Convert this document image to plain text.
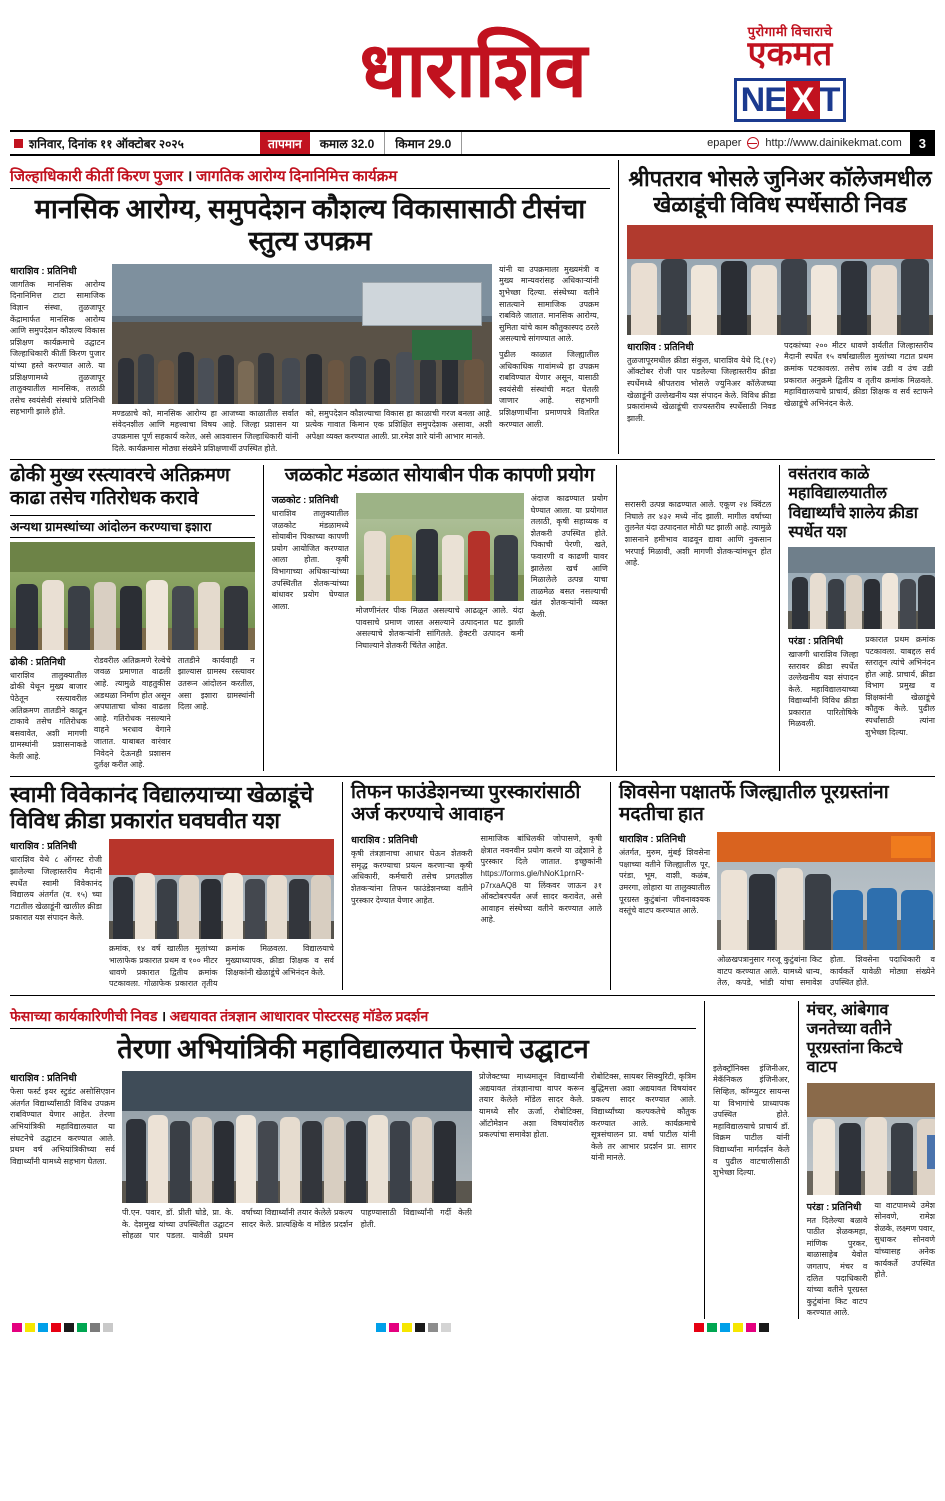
धाराशिव	पुरोगामी विचाराचे
एकमत
NE X T
शनिवार, दिनांक ११ ऑक्टोबर २०२५	तापमान	कमाल 32.0	किमान 29.0	epaper http://www.dainikekmat.com	3
जिल्हाधिकारी कीर्ती किरण पुजार । जागतिक आरोग्य दिनानिमित्त कार्यक्रम
मानसिक आरोग्य, समुपदेशन कौशल्य विकासासाठी टीसंचा स्तुत्य उपक्रम
धाराशिव : प्रतिनिधी
जागतिक मानसिक आरोग्य दिनानिमित्त टाटा सामाजिक विज्ञान संस्था, तुळजापूर केंद्रामार्फत मानसिक आरोग्य आणि समुपदेशन कौशल्य विकास प्रशिक्षण कार्यक्रमाचे उद्घाटन जिल्हाधिकारी कीर्ती किरण पुजार यांच्या हस्ते करण्यात आले. या प्रशिक्षणामध्ये तुळजापूर तालुक्यातील मानसिक, तलाठी तसेच स्वयंसेवी संस्थांचे प्रतिनिधी सहभागी झाले होते.	मण्डळाचे को, मानसिक आरोग्य हा आजच्या काळातील सर्वात संवेदनशील आणि महत्त्वाचा विषय आहे. जिल्हा प्रशासन या उपक्रमास पूर्ण सहकार्य करेल, असे आश्वासन जिल्हाधिकारी यांनी दिले. कार्यक्रमास मोठ्या संख्येने प्रशिक्षणार्थी उपस्थित होते.
को, समुपदेशन कौशल्याचा विकास हा काळाची गरज बनला आहे. प्रत्येक गावात किमान एक प्रशिक्षित समुपदेशक असावा, अशी अपेक्षा व्यक्त करण्यात आली. प्रा.रमेश शारे यांनी आभार मानले.
यांनी या उपक्रमाला मुख्यमंत्री व मुख्य मान्यवरांसह अधिकाऱ्यांनी शुभेच्छा दिल्या. संस्थेच्या वतीने सातत्याने सामाजिक उपक्रम राबविले जातात. मानसिक आरोग्य, सुमिता यांचे काम कौतुकास्पद ठरले असल्याचे सांगण्यात आले.
पुढील काळात जिल्ह्यातील अधिकाधिक गावांमध्ये हा उपक्रम राबविण्यात येणार असून, यासाठी स्वयंसेवी संस्थांची मदत घेतली जाणार आहे. सहभागी प्रशिक्षणार्थींना प्रमाणपत्रे वितरित करण्यात आली.
श्रीपतराव भोसले जुनिअर कॉलेजमधील खेळाडूंची विविध स्पर्धेसाठी निवड
धाराशिव : प्रतिनिधी
तुळजापूरमधील क्रीडा संकुल, धाराशिव येथे दि.(१२) ऑक्टोबर रोजी पार पडलेल्या जिल्हास्तरीय क्रीडा स्पर्धेमध्ये श्रीपतराव भोसले ज्युनिअर कॉलेजच्या खेळाडूंनी उल्लेखनीय यश संपादन केले. विविध क्रीडा प्रकारांमध्ये खेळाडूंची राज्यस्तरीय स्पर्धेसाठी निवड झाली.
पदकांच्या २०० मीटर धावणे शर्यतीत जिल्हास्तरीय मैदानी स्पर्धेत १५ वर्षाखालील मुलांच्या गटात प्रथम क्रमांक पटकावला. तसेच लांब उडी व उंच उडी प्रकारात अनुक्रमे द्वितीय व तृतीय क्रमांक मिळवले. महाविद्यालयाचे प्राचार्य, क्रीडा शिक्षक व सर्व स्टाफने खेळाडूंचे अभिनंदन केले.
ढोकी मुख्य रस्त्यावरचे अतिक्रमण काढा तसेच गतिरोधक करावे
अन्यथा ग्रामस्थांच्या आंदोलन करण्याचा इशारा
ढोकी : प्रतिनिधी
धाराशिव तालुक्यातील ढोकी येथून मुख्य बाजार पेठेतून रस्त्यावरील अतिक्रमण तातडीने काढून टाकावे तसेच गतिरोधक बसवावेत, अशी मागणी ग्रामस्थांनी प्रशासनाकडे केली आहे.
रोडवरील अतिक्रमणे रेल्वेचे जवळ प्रमाणात वाढली आहे. त्यामुळे वाहतुकीस अडथळा निर्माण होत असून अपघाताचा धोका वाढला आहे. गतिरोधक नसल्याने वाहने भरधाव वेगाने जातात. याबाबत वारंवार निवेदने देऊनही प्रशासन दुर्लक्ष करीत आहे.
तातडीने कार्यवाही न झाल्यास ग्रामस्थ रस्त्यावर उतरून आंदोलन करतील, असा इशारा ग्रामस्थांनी दिला आहे.
जळकोट मंडळात सोयाबीन पीक कापणी प्रयोग
जळकोट : प्रतिनिधी
धाराशिव तालुक्यातील जळकोट मंडळामध्ये सोयाबीन पिकाच्या कापणी प्रयोग आयोजित करण्यात आला होता. कृषी विभागाच्या अधिकाऱ्यांच्या उपस्थितीत शेतकऱ्यांच्या बांधावर प्रयोग घेण्यात आला.	मोजणीनंतर पीक मिळत असल्याचे आढळून आले. यंदा पावसाचे प्रमाण जास्त असल्याने उत्पादनात घट झाली असल्याचे शेतकऱ्यांनी सांगितले. हेक्टरी उत्पादन कमी निघाल्याने शेतकरी चिंतेत आहेत.
अंदाज काढण्यात प्रयोग घेण्यात आला. या प्रयोगात तलाठी, कृषी सहाय्यक व शेतकरी उपस्थित होते. पिकाची पेरणी, खते, फवारणी व काढणी यावर झालेला खर्च आणि मिळालेले उत्पन्न याचा ताळमेळ बसत नसल्याची खंत शेतकऱ्यांनी व्यक्त केली.
सरासरी उत्पन्न काढण्यात आले. एकूण २४ क्विंटल निघाले तर ४३२ मध्ये नोंद झाली. मागील वर्षाच्या तुलनेत यंदा उत्पादनात मोठी घट झाली आहे. त्यामुळे शासनाने हमीभाव वाढवून द्यावा आणि नुकसान भरपाई मिळावी, अशी मागणी शेतकऱ्यांमधून होत आहे.
वसंतराव काळे महाविद्यालयातील विद्यार्थ्यांचे शालेय क्रीडा स्पर्धेत यश
परंडा : प्रतिनिधी
खाजगी धाराशिव जिल्हा स्तरावर क्रीडा स्पर्धेत उल्लेखनीय यश संपादन केले. महाविद्यालयाच्या विद्यार्थ्यांनी विविध क्रीडा प्रकारात पारितोषिके मिळवली.
प्रकारात प्रथम क्रमांक पटकावला. याबद्दल सर्व स्तरातून त्यांचे अभिनंदन होत आहे. प्राचार्य, क्रीडा विभाग प्रमुख व शिक्षकांनी खेळाडूंचे कौतुक केले. पुढील स्पर्धांसाठी त्यांना शुभेच्छा दिल्या.
स्वामी विवेकानंद विद्यालयाच्या खेळाडूंचे विविध क्रीडा प्रकारांत घवघवीत यश
धाराशिव : प्रतिनिधी
धाराशिव येथे ८ ऑगस्ट रोजी झालेल्या जिल्हास्तरीय मैदानी स्पर्धेत स्वामी विवेकानंद विद्यालय अंतर्गत (व. १५) च्या गटातील खेळाडूंनी खालील क्रीडा प्रकारात यश संपादन केले.
क्रमांक, १४ वर्ष खालील मुलांच्या भालाफेक प्रकारात प्रथम व १०० मीटर धावणे प्रकारात द्वितीय क्रमांक पटकावला. गोळाफेक प्रकारात तृतीय क्रमांक मिळवला. विद्यालयाचे मुख्याध्यापक, क्रीडा शिक्षक व सर्व शिक्षकांनी खेळाडूंचे अभिनंदन केले.
तिफन फाउंडेशनच्या पुरस्कारांसाठी अर्ज करण्याचे आवाहन
धाराशिव : प्रतिनिधी
कृषी तंत्रज्ञानाचा आधार घेऊन शेतकरी समृद्ध करण्याचा प्रयत्न करणाऱ्या कृषी अधिकारी, कर्मचारी तसेच प्रगतशील शेतकऱ्यांना तिफन फाउंडेशनच्या वतीने पुरस्कार देण्यात येणार आहेत.
सामाजिक बांधिलकी जोपासणे, कृषी क्षेत्रात नवनवीन प्रयोग करणे या उद्देशाने हे पुरस्कार दिले जातात. इच्छुकांनी https://forms.gle/hNoK1prnR-p7rxaAQ8 या लिंकवर जाऊन ३१ ऑक्टोबरपर्यंत अर्ज सादर करावेत, असे आवाहन संस्थेच्या वतीने करण्यात आले आहे.
शिवसेना पक्षातर्फे जिल्ह्यातील पूरग्रस्तांना मदतीचा हात
धाराशिव : प्रतिनिधी
अंतर्गत, मुरुम, मुंबई शिवसेना पक्षाच्या वतीने जिल्ह्यातील पूर, परंडा, भूम, वाशी, कळंब, उमरगा, लोहारा या तालुक्यातील पूरग्रस्त कुटुंबांना जीवनावश्यक वस्तूंचे वाटप करण्यात आले.
ओळखपत्रानुसार गरजू कुटुंबांना किट वाटप करण्यात आले. यामध्ये धान्य, तेल, कपडे, भांडी यांचा समावेश होता. शिवसेना पदाधिकारी व कार्यकर्ते यावेळी मोठ्या संख्येने उपस्थित होते.
फेसाच्या कार्यकारिणीची निवड । अद्ययावत तंत्रज्ञान आधारावर पोस्टरसह मॉडेल प्रदर्शन
तेरणा अभियांत्रिकी महाविद्यालयात फेसाचे उद्घाटन
धाराशिव : प्रतिनिधी
फेसा फर्स्ट इयर स्टुडंट असोसिएशन अंतर्गत विद्यार्थ्यांसाठी विविध उपक्रम राबविण्यात येणार आहेत. तेरणा अभियांत्रिकी महाविद्यालयात या संघटनेचे उद्घाटन करण्यात आले. प्रथम वर्ष अभियांत्रिकीच्या सर्व विद्यार्थ्यांनी यामध्ये सहभाग घेतला.
पी.एन. पवार, डॉ. प्रीती घोडे, प्रा. के. के. देशमुख यांच्या उपस्थितीत उद्घाटन सोहळा पार पडला. यावेळी प्रथम वर्षाच्या विद्यार्थ्यांनी तयार केलेले प्रकल्प सादर केले. प्रात्यक्षिके व मॉडेल प्रदर्शन पाहण्यासाठी विद्यार्थ्यांनी गर्दी केली होती.
प्रोजेक्टच्या माध्यमातून विद्यार्थ्यांनी अद्ययावत तंत्रज्ञानाचा वापर करून तयार केलेले मॉडेल सादर केले. यामध्ये सौर ऊर्जा, रोबोटिक्स, ऑटोमेशन अशा विषयांवरील प्रकल्पांचा समावेश होता.
रोबोटिक्स, सायबर सिक्युरिटी, कृत्रिम बुद्धिमत्ता अशा अद्ययावत विषयांवर प्रकल्प सादर करण्यात आले. विद्यार्थ्यांच्या कल्पकतेचे कौतुक करण्यात आले. कार्यक्रमाचे सूत्रसंचालन प्रा. वर्षा पाटील यांनी केले तर आभार प्रदर्शन प्रा. सागर यांनी मानले.
इलेक्ट्रॉनिक्स इंजिनीअर, मेकॅनिकल इंजिनीअर, सिव्हिल, कॉम्प्युटर सायन्स या विभागांचे प्राध्यापक उपस्थित होते. महाविद्यालयाचे प्राचार्य डॉ. विक्रम पाटील यांनी विद्यार्थ्यांना मार्गदर्शन केले व पुढील वाटचालीसाठी शुभेच्छा दिल्या.
मंचर, आंबेगाव जनतेच्या वतीने पूरग्रस्तांना किटचे वाटप
परंडा : प्रतिनिधी
मत दिलेल्या बळावे पाठीत शेळकमहा, मांणिक पुरकर, बाळासाहेब येवोत जगताप, मंचर व दलित पदाधिकारी यांच्या वतीने पूरग्रस्त कुटुंबांना किट वाटप करण्यात आले.
या वाटपामध्ये उमेश सोनवणे, रामेश शेळके, लक्ष्मण पवार, सुधाकर सोनवणे यांच्यासह अनेक कार्यकर्ते उपस्थित होते.
